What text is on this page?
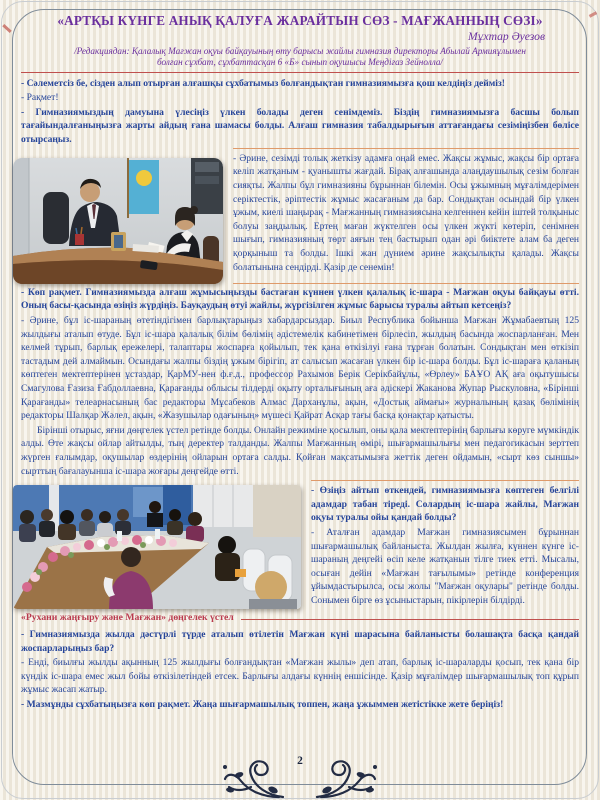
«АРТҚЫ КҮНГЕ АНЫҚ ҚАЛУҒА ЖАРАЙТЫН СӨЗ - МАҒЖАННЫҢ СӨЗІ»
Мұхтар Әуезов
/Редакциядан: Қалалық Мағжан оқуы байқауының өту барысы жайлы гимназия директоры Абылай Армияұлымен болған сұхбат, сұхбаттасқан 6 «Б» сынып оқушысы Меңдіғаз Зейнолла/

- Сәлеметсіз бе, сізден алып отырған алғашқы сұхбатымыз болғандықтан гимназиямызға қош келдіңіз дейміз!

- Рақмет!

- Гимназиямыздың дамуына үлесіңіз үлкен болады деген сенімдеміз. Біздің гимназиямызға басшы болып тағайындалғаныңызға жарты айдың ғана шамасы болды. Алғаш гимназия табалдырығын аттағандағы сезіміңізбен бөлісе отырсаңыз.

- Әрине, сезімді толық жеткізу адамға оңай емес. Жақсы жұмыс, жақсы бір ортаға келіп жатқаным - қуанышты жағдай. Бірақ алғашында алаңдаушылық сезім болған сияқты. Жалпы бұл гимназияны бұрыннан білемін. Осы ұжымның мұғалімдерімен серіктестік, әріптестік жұмыс жасағаным да бар. Сондықтан осындай бір үлкен ұжым, киелі шаңырақ - Мағжанның гимназиясына келгеннен кейін іштей толқыныс болуы заңдылық. Ертең маған жүктелген осы үлкен жүкті көтеріп, сенімнен шығып, гимназияның төрт аяғын тең бастырып одан әрі биіктете алам ба деген қорқыныш та болды. Ішкі жан дүнием әрине жақсылықты қалады. Жақсы болатынына сендірді. Қазір де сенемін!

- Көп рақмет. Гимназиямызда алғаш жұмысыңызды бастаған күннен үлкен қалалық іс-шара - Мағжан оқуы байқауы өтті. Оның басы-қасында өзіңіз жүрдіңіз. Бауқаудың өтуі жайлы, жүргізілген жұмыс барысы туралы айтып кетсеңіз?

- Әрине, бұл іс-шараның өтетіндігімен барлықтарыңыз хабардарсыздар. Биыл Республика бойынша Мағжан Жұмабаевтың 125 жылдығы аталып өтуде. Бұл іс-шара қалалық білім бөлімің әдістемелік кабинетімен бірлесіп, жылдың басында жоспарланған. Мен келмей тұрып, барлық ережелері, талаптары жоспарға қойылып, тек қана өткізілуі ғана тұрған болатын. Сондықтан мен өткізіп тастадым дей алмаймын. Осындағы жалпы біздің ұжым бірігіп, ат салысып жасаған үлкен бір іс-шара болды. Бұл іс-шараға қаланың көптеген мектептерінен ұстаздар, ҚарМУ-нен ф.ғ.д., профессор Рахымов Берік Серікбайұлы, «Өрлеу» БАҰО АҚ аға оқытушысы Смагулова Ғазиза Ғабдоллаевна, Қарағанды облысы тілдерді оқыту орталығының аға әдіскері Жаканова Жупар Рыскуловна, «Бірінші Қарағанды» телеарнасының бас редакторы Мұсабеков Алмас Дарханұлы, ақын, «Достық аймағы» журналының қазақ бөлімінің редакторы Шалқар Жәлел, ақын, «Жазушылар одағының» мүшесі Қайрат Асқар тағы басқа қонақтар қатысты.

Бірінші отырыс, яғни дөңгелек үстел ретінде болды. Онлайн режиміне қосылып, оны қала мектептерінің барлығы көруге мүмкіндік алды. Өте жақсы ойлар айтылды, тың деректер талданды. Жалпы Мағжанның өмірі, шығармашылығы мен педагогикасын зерттеп жүрген ғалымдар, оқушылар өздерінің ойларын ортаға салды. Қойған мақсатымызға жеттік деген ойдамын, «сырт көз сыншы» сырттың бағалауынша іс-шара жоғары деңгейде өтті.

- Өзіңіз айтып өткендей, гимназиямызға көптеген белгілі адамдар табан тіреді. Солардың іс-шара жайлы, Мағжан оқуы туралы ойы қандай болды?

- Аталған адамдар Мағжан гимназиясымен бұрыннан шығармашылық байланыста. Жылдан жылға, күннен күнге іс-шараның деңгейі өсіп келе жатқанын тілге тиек етті. Мысалы, осыған дейін «Мағжан тағылымы» ретінде конференция ұйымдастырылса, осы жолы "Мағжан оқулары" ретінде болды. Сонымен бірге өз ұсыныстарын, пікірлерін білдірді.

«Рухани жаңғыру және Мағжан» дөңгелек үстел

- Гимназиямызда жылда дәстүрлі түрде аталып өтілетін Мағжан күні шарасына байланысты болашақта басқа қандай жоспарларыңыз бар?

- Енді, биылғы жылды ақынның 125 жылдығы болғандықтан «Мағжан жылы» деп атап, барлық іс-шараларды қосып, тек қана бір күндік іс-шара емес жыл бойы өткізілетіндей етсек. Барлығы алдағы күннің еншісінде. Қазір мұғалімдер шығармашылық топ құрып жұмыс жасап жатыр.

- Мазмұнды сұхбатыңызға көп рақмет. Жаңа шығармашылық топпен, жаңа ұжыммен жетістікке жете беріңіз!

2
